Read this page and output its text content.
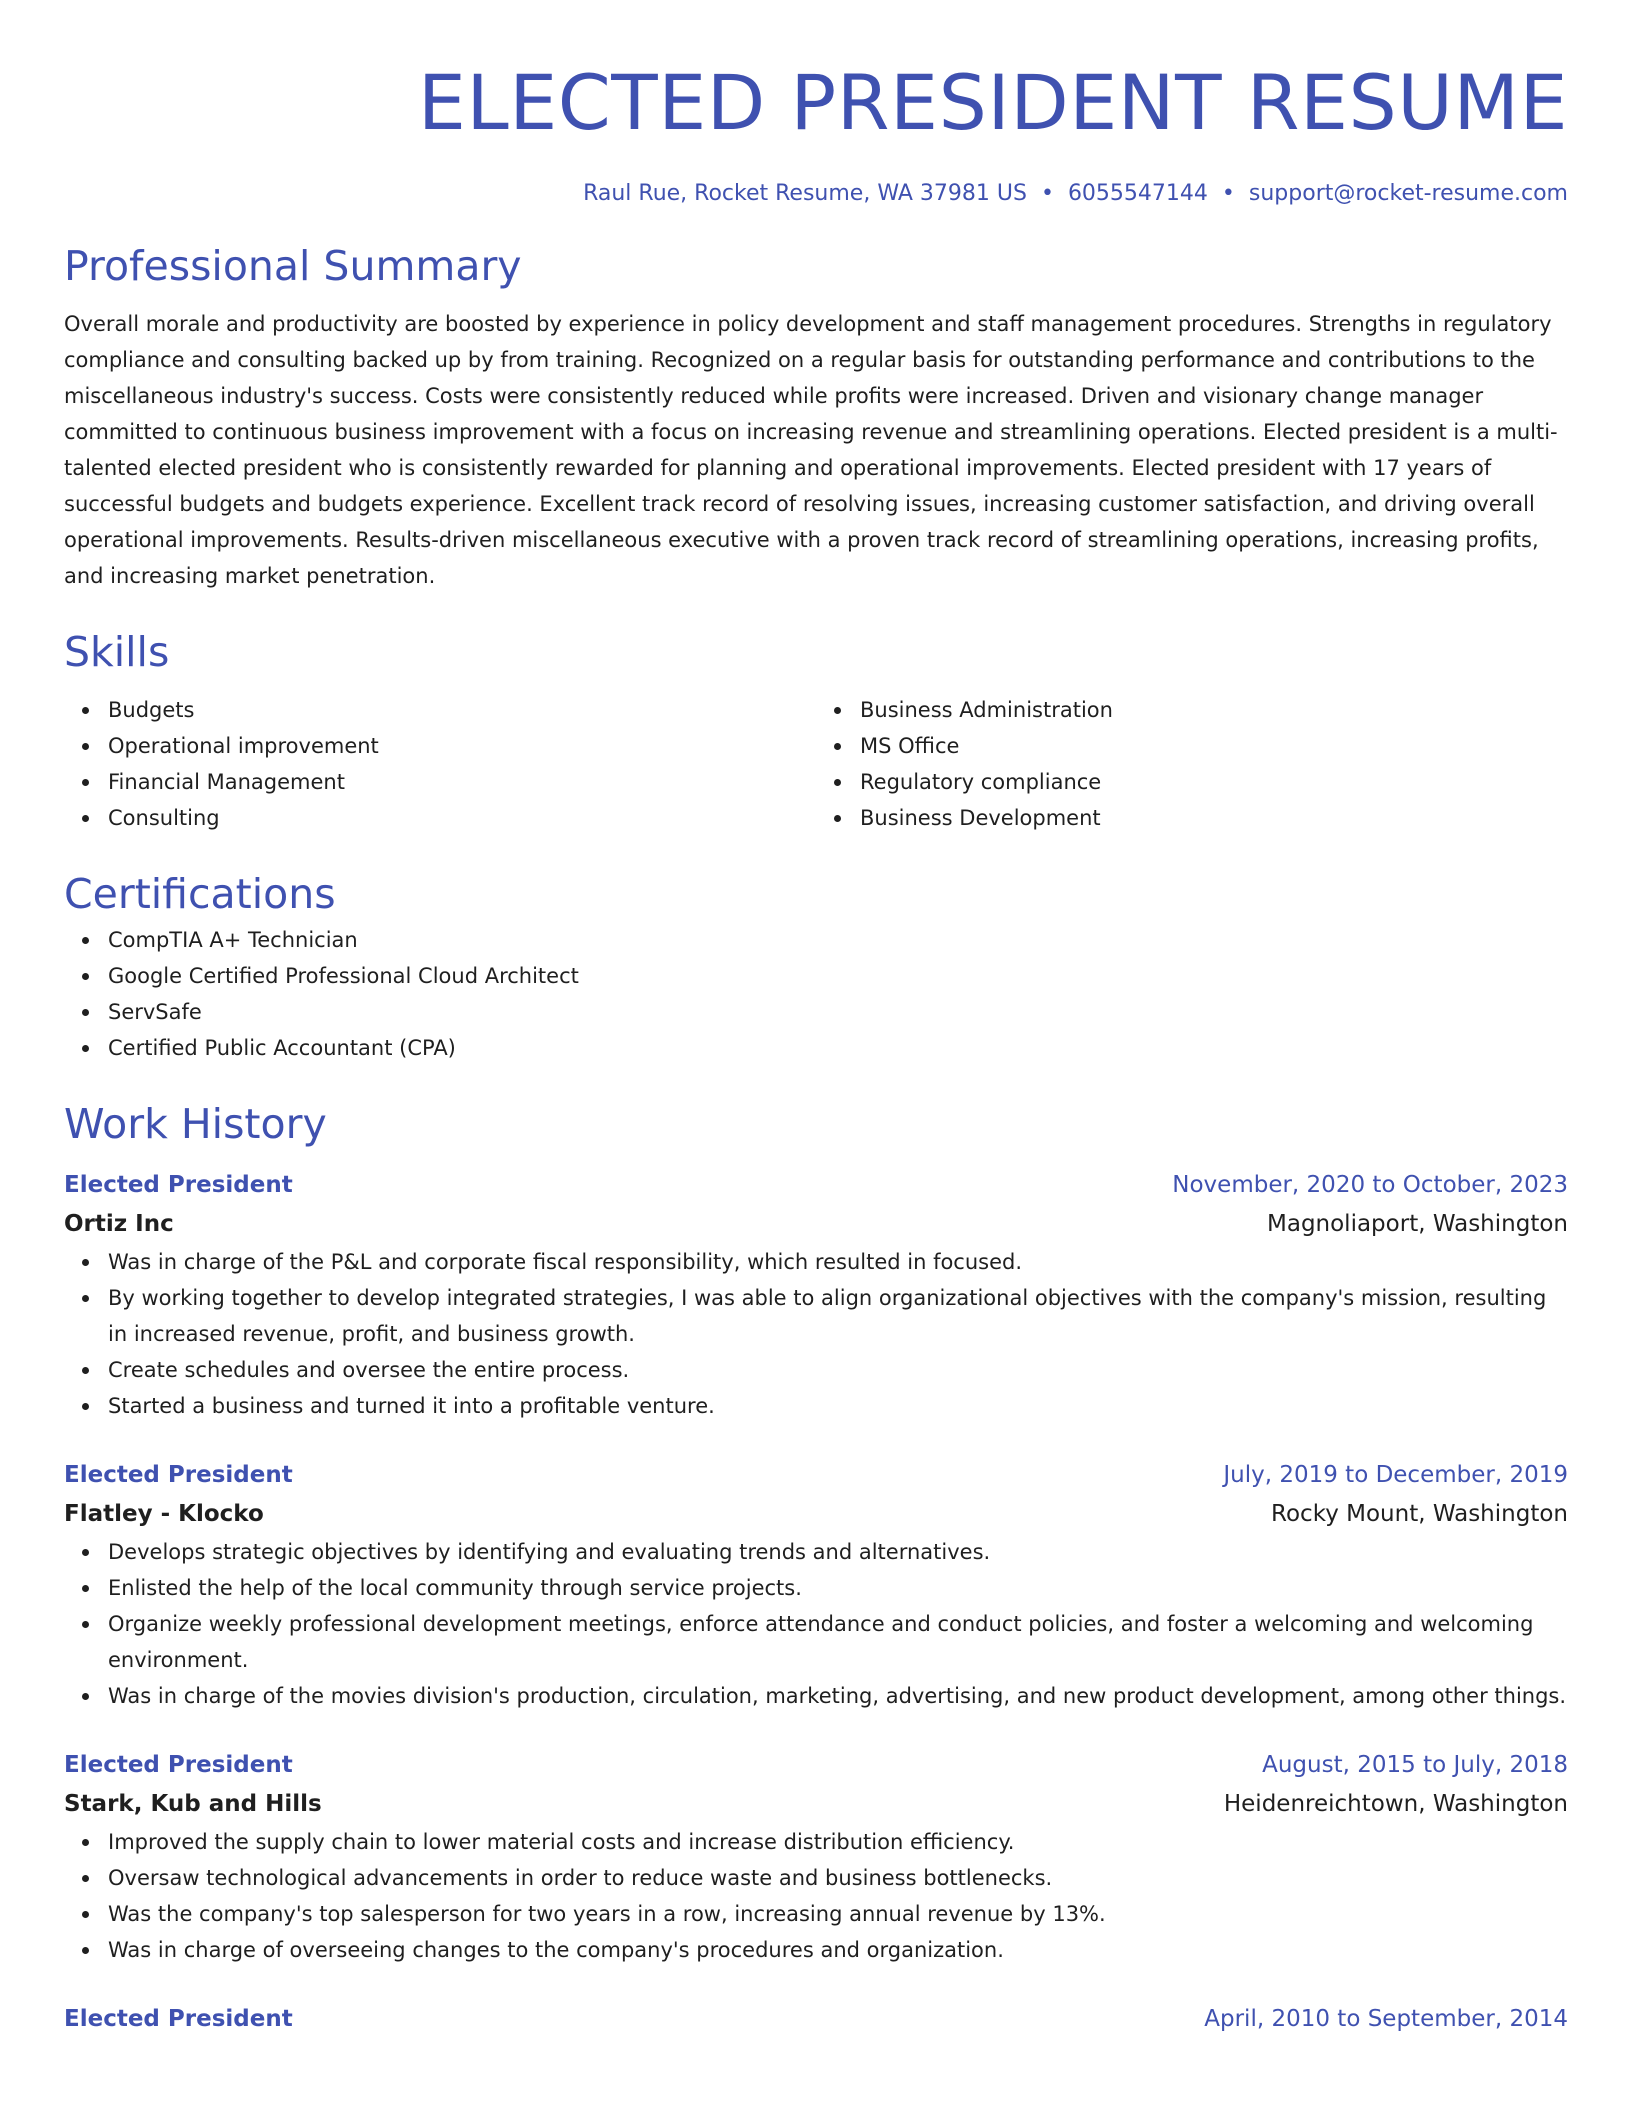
ELECTED PRESIDENT RESUME
Raul Rue, Rocket Resume, WA 37981 US • 6055547144 • support@rocket-resume.com
Professional Summary

Overall morale and productivity are boosted by experience in policy development and staff management procedures. Strengths in regulatory compliance and consulting backed up by from training. Recognized on a regular basis for outstanding performance and contributions to the miscellaneous industry's success. Costs were consistently reduced while profits were increased. Driven and visionary change manager committed to continuous business improvement with a focus on increasing revenue and streamlining operations. Elected president is a multi-talented elected president who is consistently rewarded for planning and operational improvements. Elected president with 17 years of successful budgets and budgets experience. Excellent track record of resolving issues, increasing customer satisfaction, and driving overall operational improvements. Results-driven miscellaneous executive with a proven track record of streamlining operations, increasing profits, and increasing market penetration.

Skills
Budgets
Operational improvement
Financial Management
Consulting
Business Administration
MS Office
Regulatory compliance
Business Development
Certifications
CompTIA A+ Technician
Google Certified Professional Cloud Architect
ServSafe
Certified Public Accountant (CPA)
Work History
Elected President	November, 2020 to October, 2023
Ortiz Inc	Magnoliaport, Washington
Was in charge of the P&L and corporate fiscal responsibility, which resulted in focused.
By working together to develop integrated strategies, I was able to align organizational objectives with the company's mission, resulting in increased revenue, profit, and business growth.
Create schedules and oversee the entire process.
Started a business and turned it into a profitable venture.
Elected President	July, 2019 to December, 2019
Flatley - Klocko	Rocky Mount, Washington
Develops strategic objectives by identifying and evaluating trends and alternatives.
Enlisted the help of the local community through service projects.
Organize weekly professional development meetings, enforce attendance and conduct policies, and foster a welcoming and welcoming environment.
Was in charge of the movies division's production, circulation, marketing, advertising, and new product development, among other things.
Elected President	August, 2015 to July, 2018
Stark, Kub and Hills	Heidenreichtown, Washington
Improved the supply chain to lower material costs and increase distribution efficiency.
Oversaw technological advancements in order to reduce waste and business bottlenecks.
Was the company's top salesperson for two years in a row, increasing annual revenue by 13%.
Was in charge of overseeing changes to the company's procedures and organization.
Elected President	April, 2010 to September, 2014
